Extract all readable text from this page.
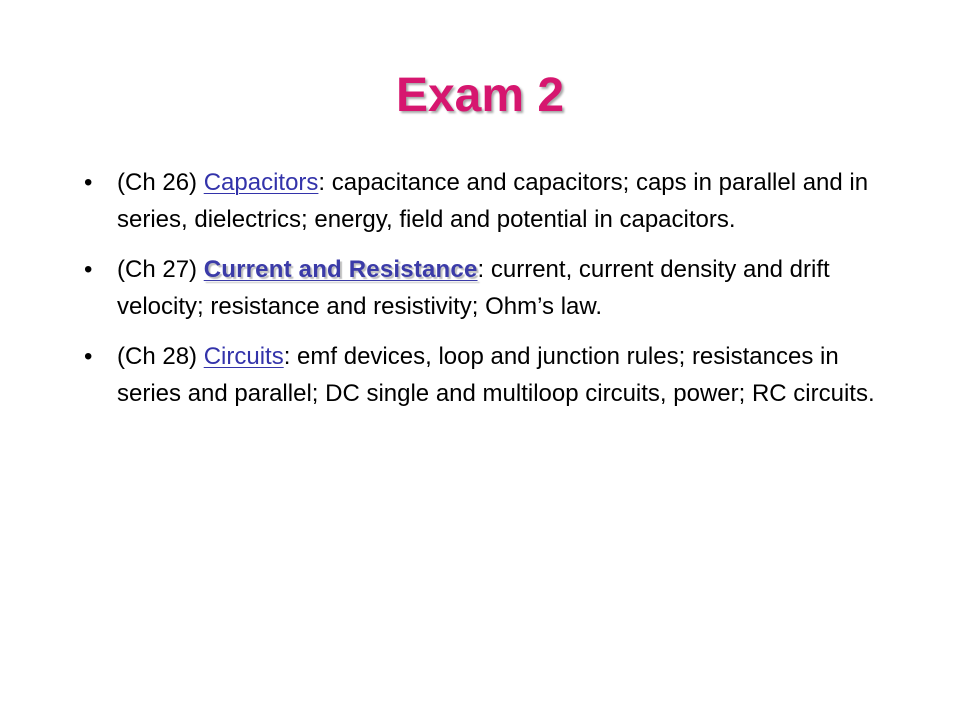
Exam 2
• (Ch 26) Capacitors: capacitance and capacitors; caps in parallel and in series, dielectrics; energy, field and potential in capacitors.
• (Ch 27) Current and Resistance: current, current density and drift velocity; resistance and resistivity; Ohm’s law.
• (Ch 28) Circuits: emf devices, loop and junction rules; resistances in series and parallel; DC single and multiloop circuits, power; RC circuits.
